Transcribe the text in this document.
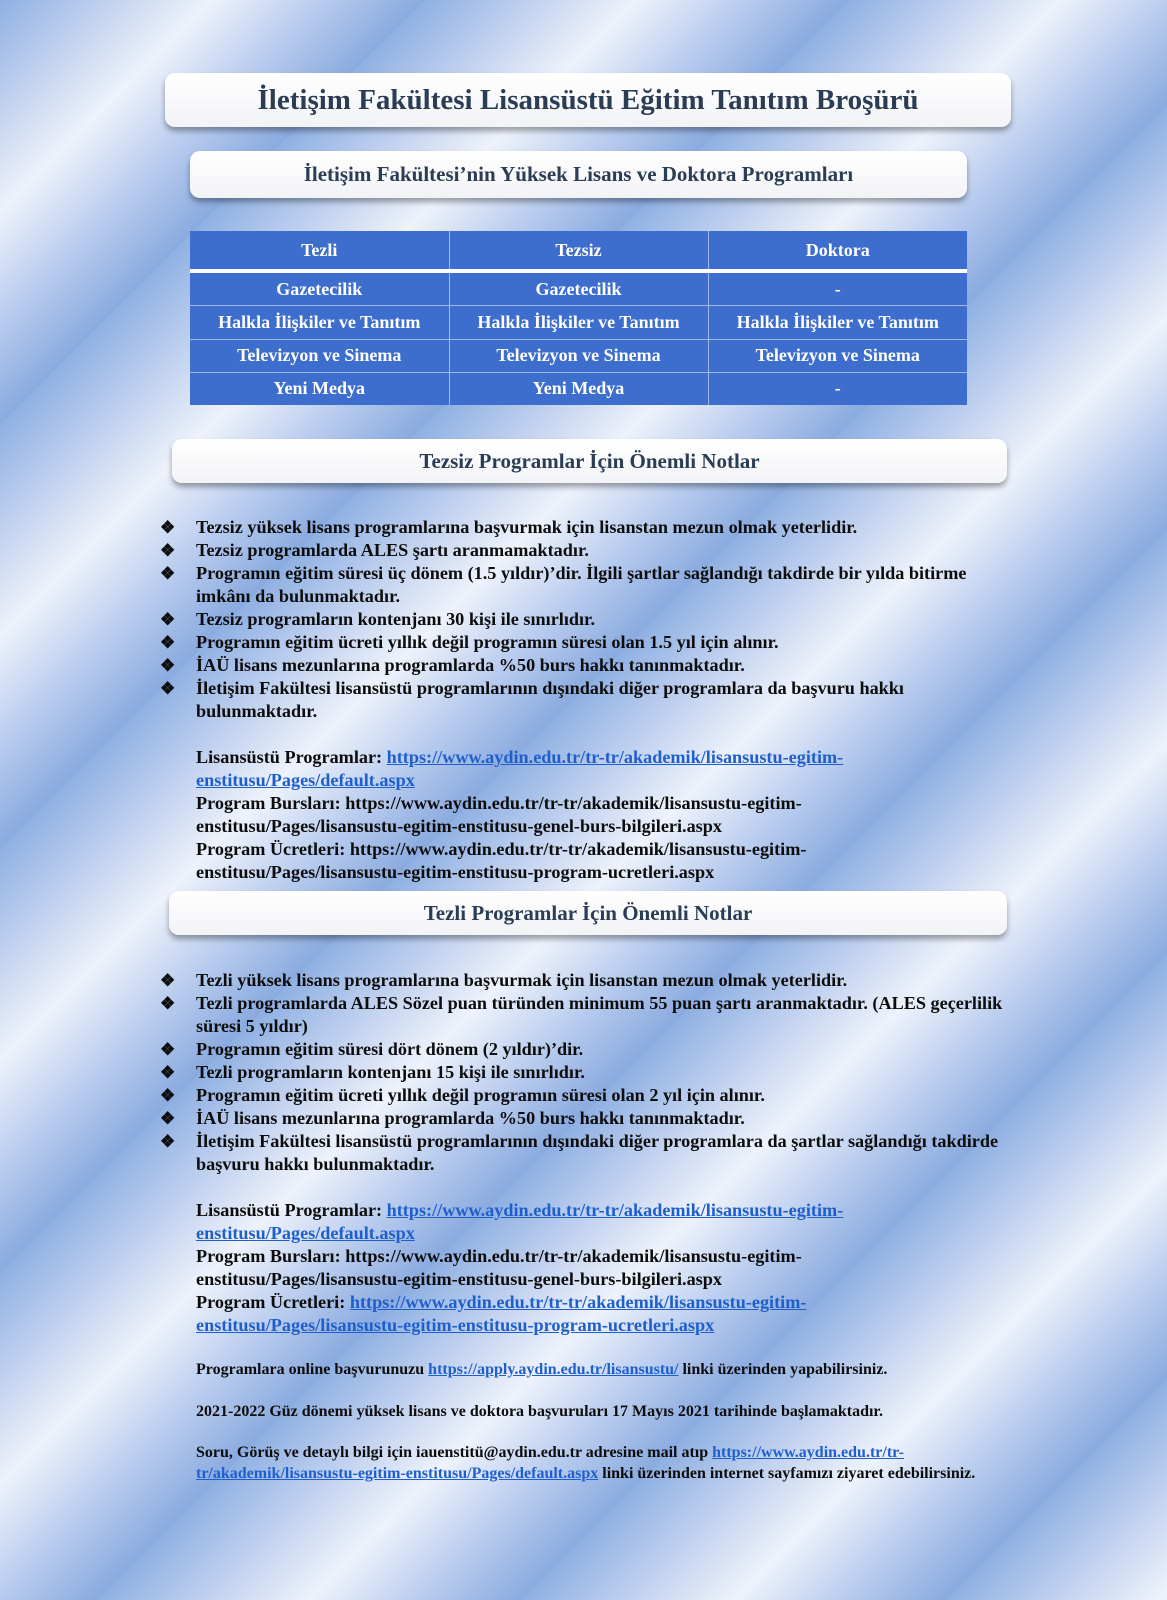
İletişim Fakültesi Lisansüstü Eğitim Tanıtım Broşürü
İletişim Fakültesi’nin Yüksek Lisans ve Doktora Programları
Tezli	Tezsiz	Doktora
Gazetecilik	Gazetecilik	-
Halkla İlişkiler ve Tanıtım	Halkla İlişkiler ve Tanıtım	Halkla İlişkiler ve Tanıtım
Televizyon ve Sinema	Televizyon ve Sinema	Televizyon ve Sinema
Yeni Medya	Yeni Medya	-
Tezsiz Programlar İçin Önemli Notlar
❖ Tezsiz yüksek lisans programlarına başvurmak için lisanstan mezun olmak yeterlidir.
❖ Tezsiz programlarda ALES şartı aranmamaktadır.
❖ Programın eğitim süresi üç dönem (1.5 yıldır)’dir. İlgili şartlar sağlandığı takdirde bir yılda bitirme imkânı da bulunmaktadır.
❖ Tezsiz programların kontenjanı 30 kişi ile sınırlıdır.
❖ Programın eğitim ücreti yıllık değil programın süresi olan 1.5 yıl için alınır.
❖ İAÜ lisans mezunlarına programlarda %50 burs hakkı tanınmaktadır.
❖ İletişim Fakültesi lisansüstü programlarının dışındaki diğer programlara da başvuru hakkı bulunmaktadır.
Lisansüstü Programlar: https://www.aydin.edu.tr/tr-tr/akademik/lisansustu-egitim-
enstitusu/Pages/default.aspx
Program Bursları: https://www.aydin.edu.tr/tr-tr/akademik/lisansustu-egitim-
enstitusu/Pages/lisansustu-egitim-enstitusu-genel-burs-bilgileri.aspx
Program Ücretleri: https://www.aydin.edu.tr/tr-tr/akademik/lisansustu-egitim-
enstitusu/Pages/lisansustu-egitim-enstitusu-program-ucretleri.aspx
Tezli Programlar İçin Önemli Notlar
❖ Tezli yüksek lisans programlarına başvurmak için lisanstan mezun olmak yeterlidir.
❖ Tezli programlarda ALES Sözel puan türünden minimum 55 puan şartı aranmaktadır. (ALES geçerlilik süresi 5 yıldır)
❖ Programın eğitim süresi dört dönem (2 yıldır)’dir.
❖ Tezli programların kontenjanı 15 kişi ile sınırlıdır.
❖ Programın eğitim ücreti yıllık değil programın süresi olan 2 yıl için alınır.
❖ İAÜ lisans mezunlarına programlarda %50 burs hakkı tanınmaktadır.
❖ İletişim Fakültesi lisansüstü programlarının dışındaki diğer programlara da şartlar sağlandığı takdirde başvuru hakkı bulunmaktadır.
Lisansüstü Programlar: https://www.aydin.edu.tr/tr-tr/akademik/lisansustu-egitim-
enstitusu/Pages/default.aspx
Program Bursları: https://www.aydin.edu.tr/tr-tr/akademik/lisansustu-egitim-
enstitusu/Pages/lisansustu-egitim-enstitusu-genel-burs-bilgileri.aspx
Program Ücretleri: https://www.aydin.edu.tr/tr-tr/akademik/lisansustu-egitim-
enstitusu/Pages/lisansustu-egitim-enstitusu-program-ucretleri.aspx

Programlara online başvurunuzu https://apply.aydin.edu.tr/lisansustu/ linki üzerinden yapabilirsiniz.

2021-2022 Güz dönemi yüksek lisans ve doktora başvuruları 17 Mayıs 2021 tarihinde başlamaktadır.

Soru, Görüş ve detaylı bilgi için iauenstitü@aydin.edu.tr adresine mail atıp https://www.aydin.edu.tr/tr-
tr/akademik/lisansustu-egitim-enstitusu/Pages/default.aspx linki üzerinden internet sayfamızı ziyaret edebilirsiniz.
